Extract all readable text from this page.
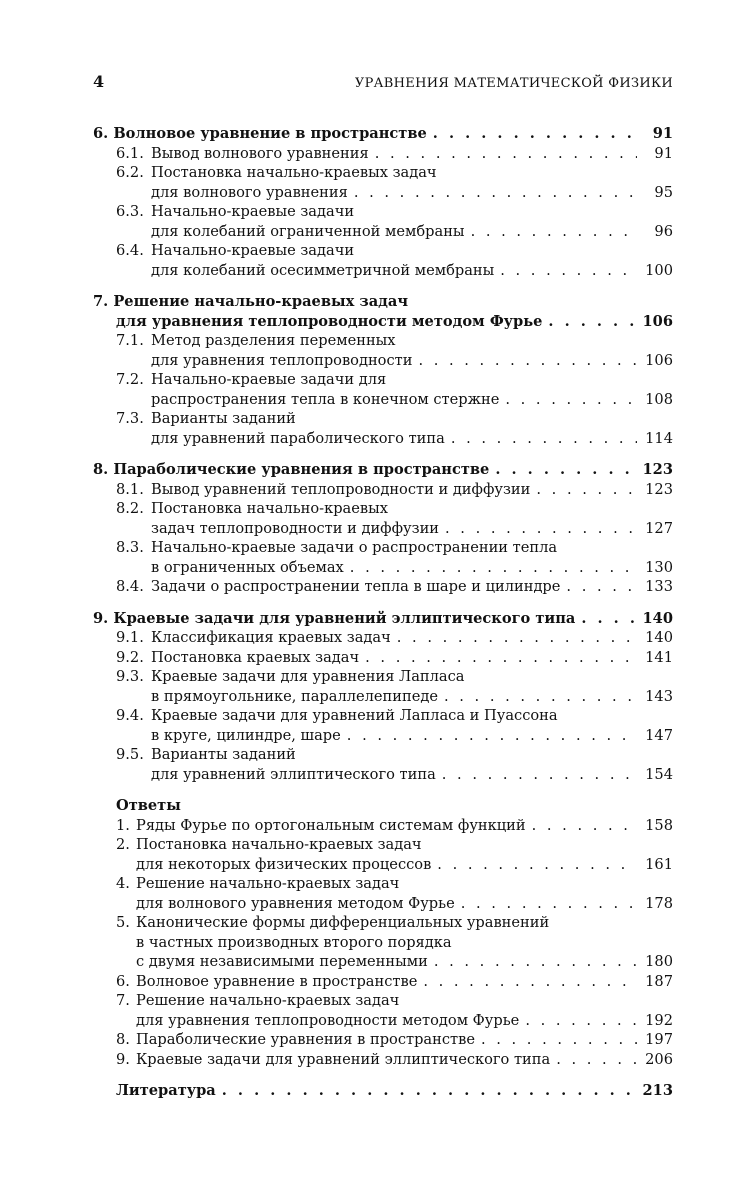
4	УРАВНЕНИЯ МАТЕМАТИЧЕСКОЙ ФИЗИКИ
6. Волновое уравнение в пространстве . . .	91
6.1. Вывод волнового уравнения . . .	91
6.2. Постановка начально-краевых задач
для волнового уравнения . . .	95
6.3. Начально-краевые задачи
для колебаний ограниченной мембраны . . .	96
6.4. Начально-краевые задачи
для колебаний осесимметричной мембраны . . .	100
7. Решение начально-краевых задач
для уравнения теплопроводности методом Фурье . . .	106
7.1. Метод разделения переменных
для уравнения теплопроводности . . .	106
7.2. Начально-краевые задачи для
распространения тепла в конечном стержне . . .	108
7.3. Варианты заданий
для уравнений параболического типа . . .	114
8. Параболические уравнения в пространстве . . .	123
8.1. Вывод уравнений теплопроводности и диффузии . . .	123
8.2. Постановка начально-краевых
задач теплопроводности и диффузии . . .	127
8.3. Начально-краевые задачи о распространении тепла
в ограниченных объемах . . .	130
8.4. Задачи о распространении тепла в шаре и цилиндре . . .	133
9. Краевые задачи для уравнений эллиптического типа . . .	140
9.1. Классификация краевых задач . . .	140
9.2. Постановка краевых задач . . .	141
9.3. Краевые задачи для уравнения Лапласа
в прямоугольнике, параллелепипеде . . .	143
9.4. Краевые задачи для уравнений Лапласа и Пуассона
в круге, цилиндре, шаре . . .	147
9.5. Варианты заданий
для уравнений эллиптического типа . . .	154
Ответы
1. Ряды Фурье по ортогональным системам функций . . .	158
2. Постановка начально-краевых задач
для некоторых физических процессов . . .	161
4. Решение начально-краевых задач
для волнового уравнения методом Фурье . . .	178
5. Канонические формы дифференциальных уравнений
в частных производных второго порядка
с двумя независимыми переменными . . .	180
6. Волновое уравнение в пространстве . . .	187
7. Решение начально-краевых задач
для уравнения теплопроводности методом Фурье . . .	192
8. Параболические уравнения в пространстве . . .	197
9. Краевые задачи для уравнений эллиптического типа . . .	206
Литература . . .	213
